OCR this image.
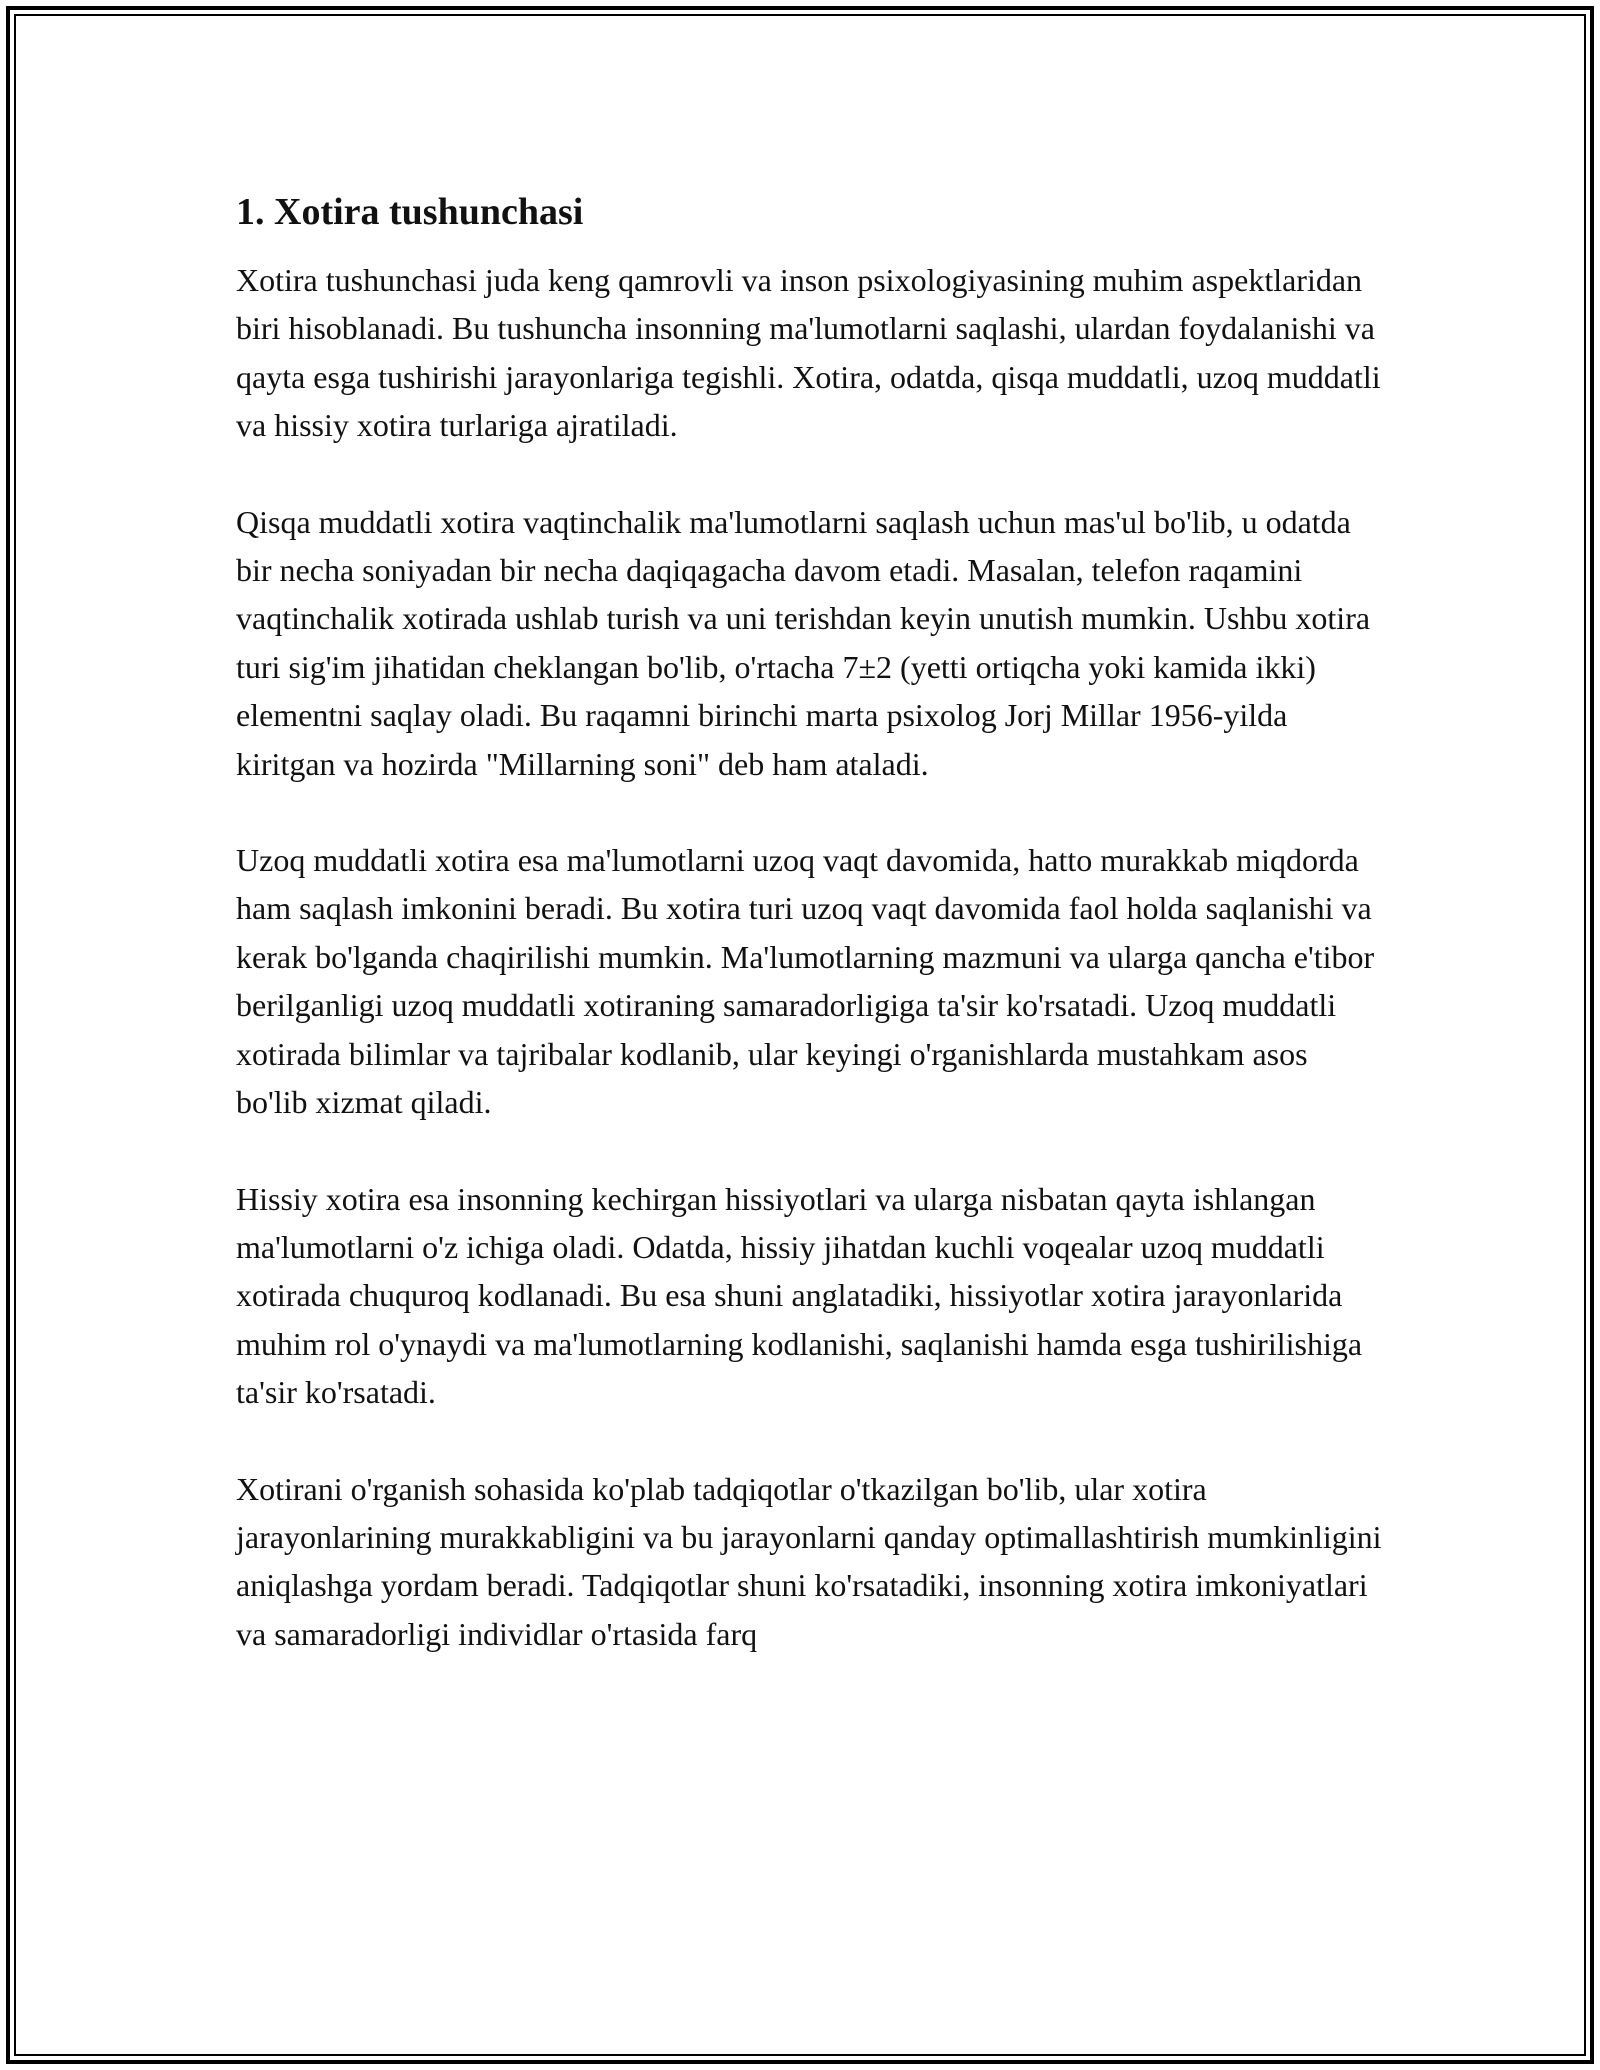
1. Xotira tushunchasi

Xotira tushunchasi juda keng qamrovli va inson psixologiyasining muhim aspektlaridan biri hisoblanadi. Bu tushuncha insonning ma'lumotlarni saqlashi, ulardan foydalanishi va qayta esga tushirishi jarayonlariga tegishli. Xotira, odatda, qisqa muddatli, uzoq muddatli va hissiy xotira turlariga ajratiladi.

Qisqa muddatli xotira vaqtinchalik ma'lumotlarni saqlash uchun mas'ul bo'lib, u odatda bir necha soniyadan bir necha daqiqagacha davom etadi. Masalan, telefon raqamini vaqtinchalik xotirada ushlab turish va uni terishdan keyin unutish mumkin. Ushbu xotira turi sig'im jihatidan cheklangan bo'lib, o'rtacha 7±2 (yetti ortiqcha yoki kamida ikki) elementni saqlay oladi. Bu raqamni birinchi marta psixolog Jorj Millar 1956-yilda kiritgan va hozirda "Millarning soni" deb ham ataladi.

Uzoq muddatli xotira esa ma'lumotlarni uzoq vaqt davomida, hatto murakkab miqdorda ham saqlash imkonini beradi. Bu xotira turi uzoq vaqt davomida faol holda saqlanishi va kerak bo'lganda chaqirilishi mumkin. Ma'lumotlarning mazmuni va ularga qancha e'tibor berilganligi uzoq muddatli xotiraning samaradorligiga ta'sir ko'rsatadi. Uzoq muddatli xotirada bilimlar va tajribalar kodlanib, ular keyingi o'rganishlarda mustahkam asos bo'lib xizmat qiladi.

Hissiy xotira esa insonning kechirgan hissiyotlari va ularga nisbatan qayta ishlangan ma'lumotlarni o'z ichiga oladi. Odatda, hissiy jihatdan kuchli voqealar uzoq muddatli xotirada chuquroq kodlanadi. Bu esa shuni anglatadiki, hissiyotlar xotira jarayonlarida muhim rol o'ynaydi va ma'lumotlarning kodlanishi, saqlanishi hamda esga tushirilishiga ta'sir ko'rsatadi.

Xotirani o'rganish sohasida ko'plab tadqiqotlar o'tkazilgan bo'lib, ular xotira jarayonlarining murakkabligini va bu jarayonlarni qanday optimallashtirish mumkinligini aniqlashga yordam beradi. Tadqiqotlar shuni ko'rsatadiki, insonning xotira imkoniyatlari va samaradorligi individlar o'rtasida farq
